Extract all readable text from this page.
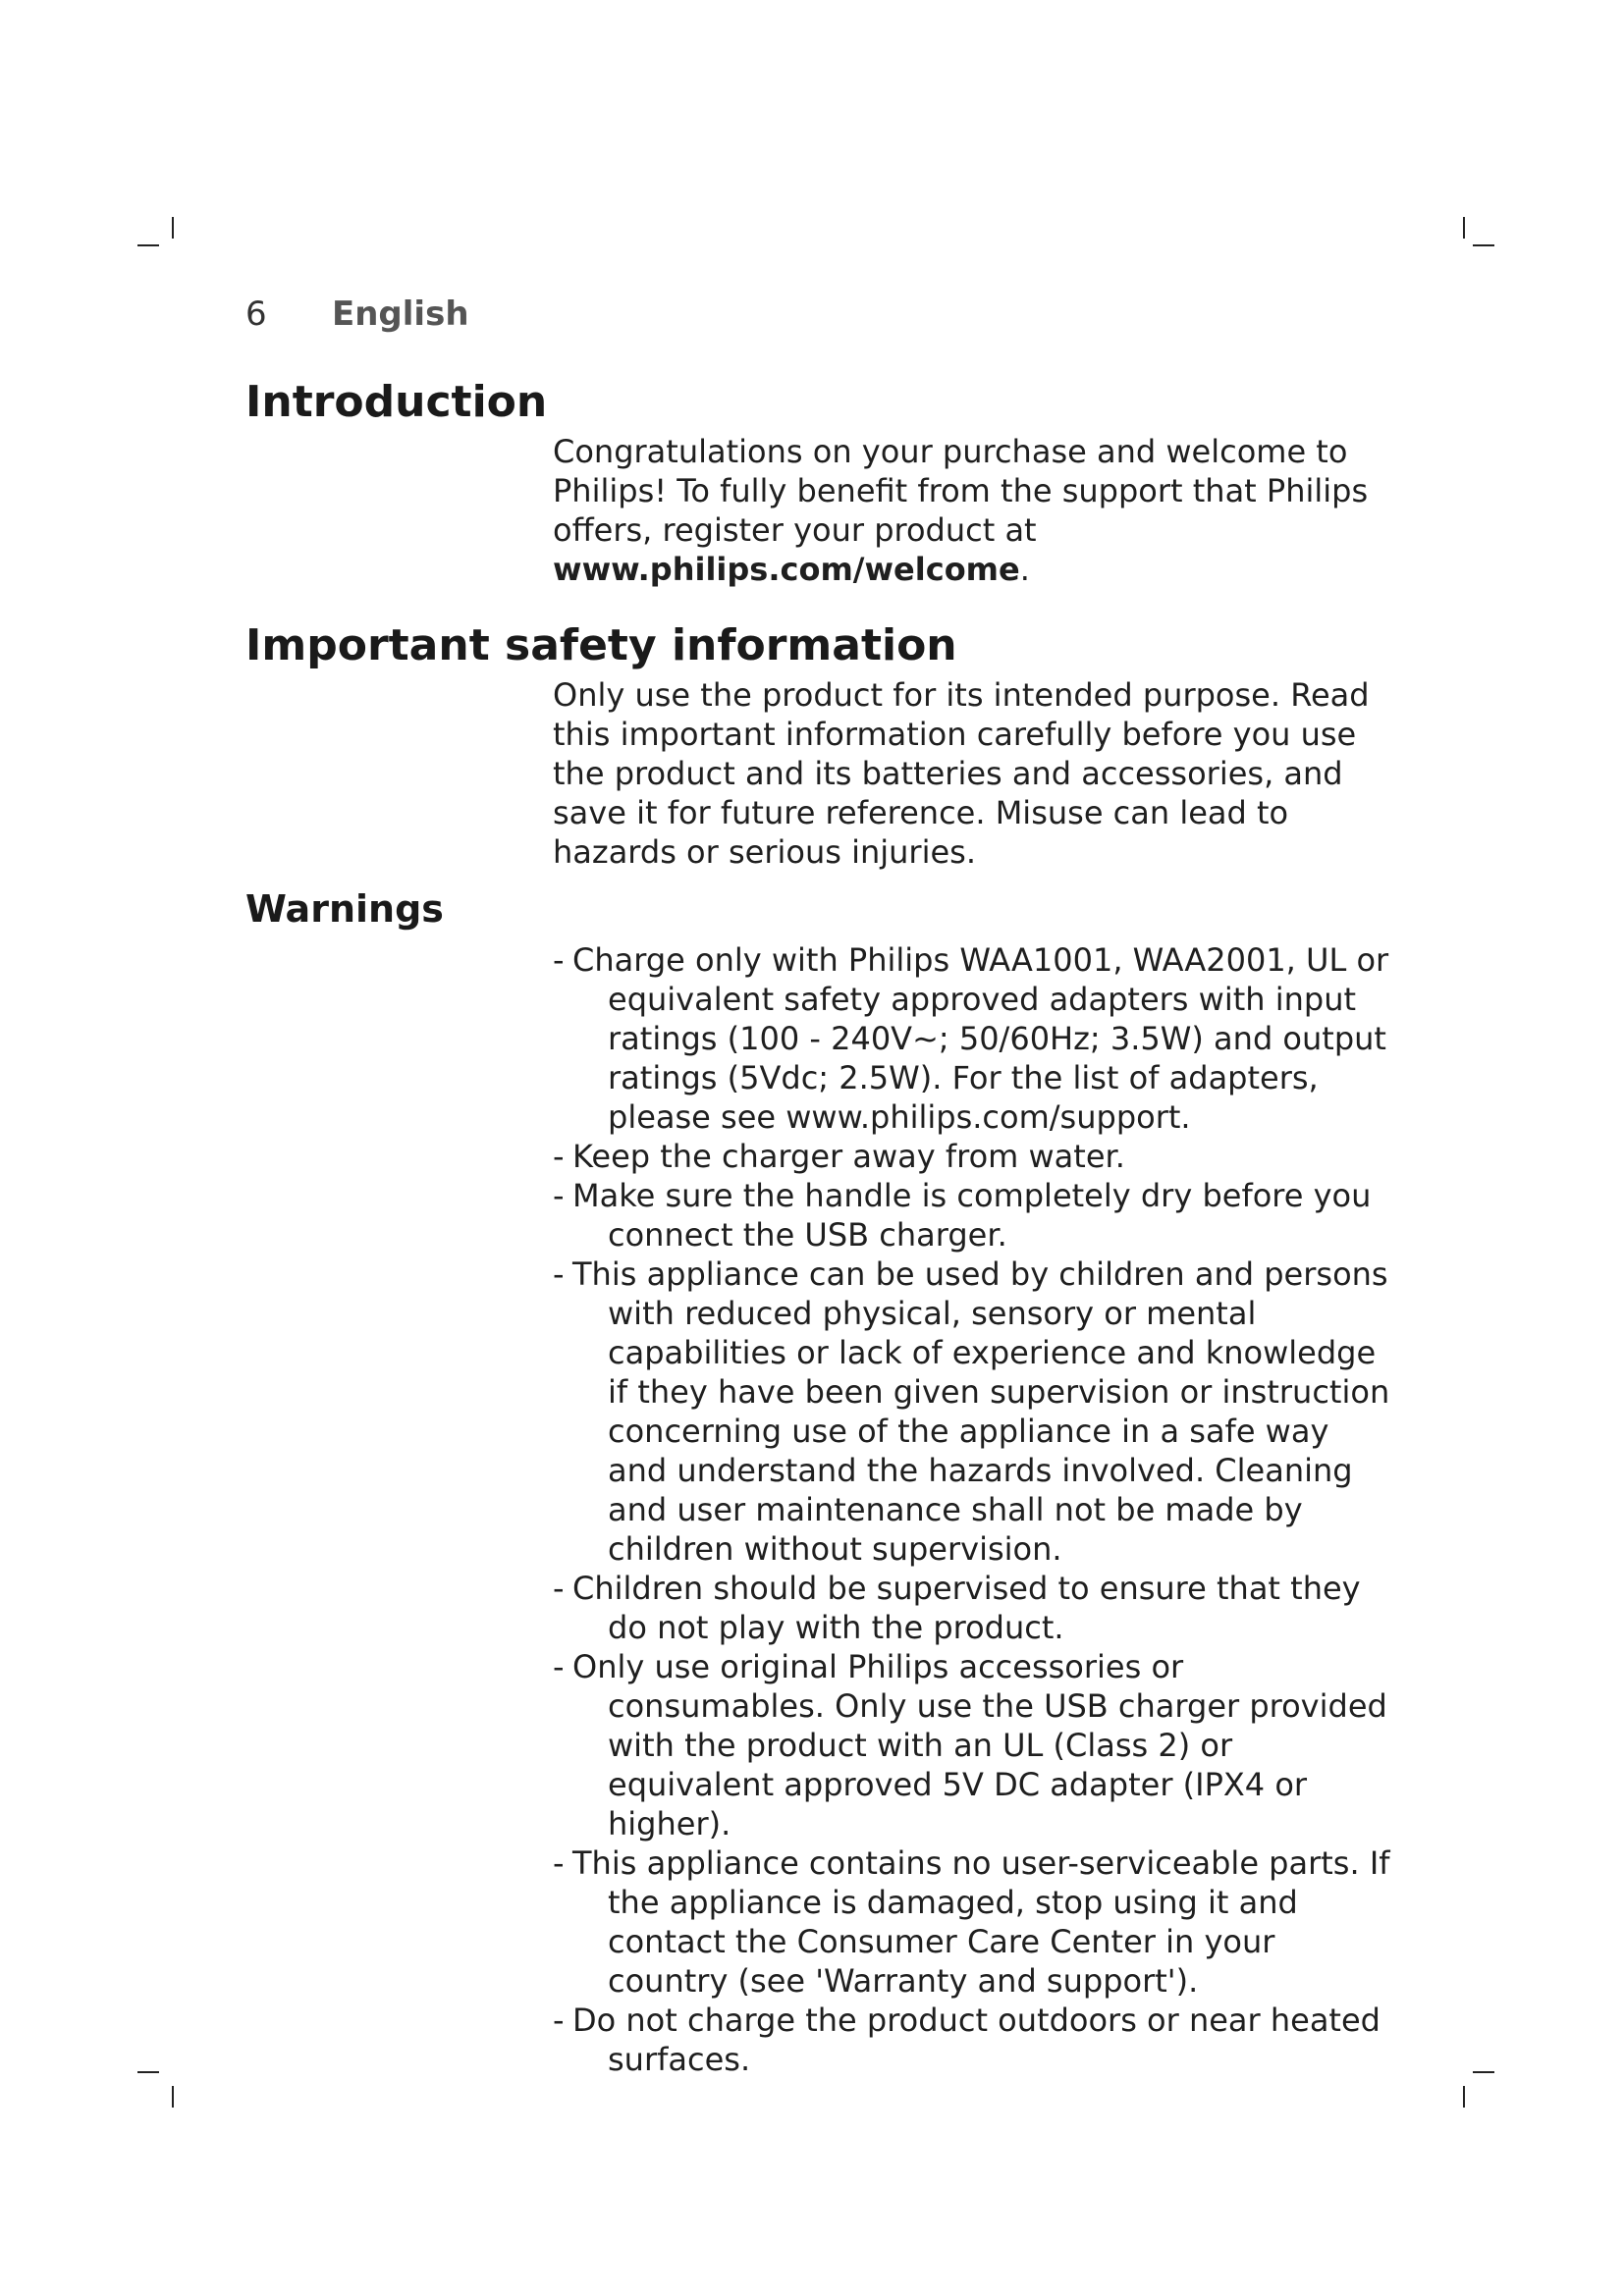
6 English
Introduction

Congratulations on your purchase and welcome to Philips! To fully benefit from the support that Philips offers, register your product at
www.philips.com/welcome.

Important safety information

Only use the product for its intended purpose. Read this important information carefully before you use the product and its batteries and accessories, and save it for future reference. Misuse can lead to hazards or serious injuries.

Warnings
- Charge only with Philips WAA1001, WAA2001, UL or equivalent safety approved adapters with input ratings (100 - 240V~; 50/60Hz; 3.5W) and output ratings (5Vdc; 2.5W). For the list of adapters, please see www.philips.com/support.
- Keep the charger away from water.
- Make sure the handle is completely dry before you connect the USB charger.
- This appliance can be used by children and persons with reduced physical, sensory or mental capabilities or lack of experience and knowledge if they have been given supervision or instruction concerning use of the appliance in a safe way and understand the hazards involved. Cleaning and user maintenance shall not be made by children without supervision.
- Children should be supervised to ensure that they do not play with the product.
- Only use original Philips accessories or consumables. Only use the USB charger provided with the product with an UL (Class 2) or equivalent approved 5V DC adapter (IPX4 or higher).
- This appliance contains no user-serviceable parts. If the appliance is damaged, stop using it and contact the Consumer Care Center in your country (see 'Warranty and support').
- Do not charge the product outdoors or near heated surfaces.
